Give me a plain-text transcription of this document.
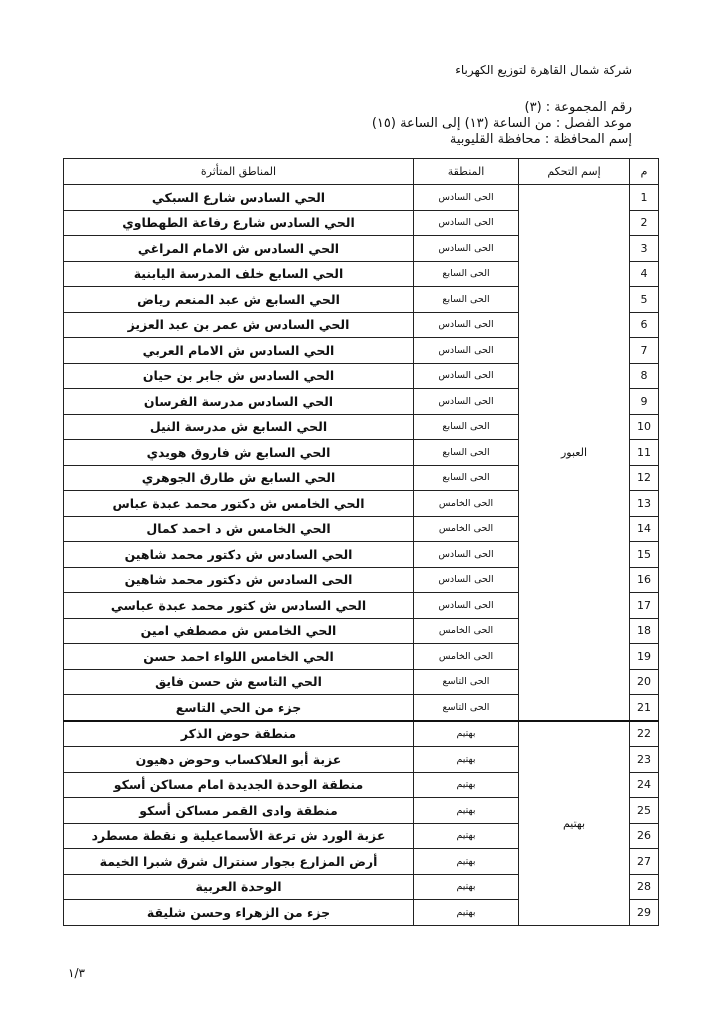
شركة شمال القاهرة لتوزيع الكهرباء
رقم المجموعة : (٣)
موعد الفصل : من الساعة (١٣) إلى الساعة (١٥)
إسم المحافظة : محافظة القليوبية
م	إسم التحكم	المنطقة	المناطق المتأثرة
1	العبور	الحى السادس	الحي السادس شارع السبكي
2		الحى السادس	الحي السادس شارع رفاعة الطهطاوي
3		الحى السادس	الحي السادس ش الامام المراغي
4		الحى السابع	الحي السابع خلف المدرسة اليابنية
5		الحى السابع	الحي السابع ش عبد المنعم رياض
6		الحى السادس	الحي السادس ش عمر بن عبد العزيز
7		الحى السادس	الحي السادس ش الامام العربي
8		الحى السادس	الحي السادس ش جابر بن حيان
9		الحى السادس	الحي السادس مدرسة الفرسان
10		الحى السابع	الحي السابع ش مدرسة النيل
11		الحى السابع	الحي السابع ش فاروق هويدي
12		الحى السابع	الحي السابع ش طارق الجوهري
13		الحى الخامس	الحي الخامس ش دكتور محمد عبدة عباس
14		الحى الخامس	الحي الخامس ش د احمد كمال
15		الحى السادس	الحي السادس ش دكتور محمد شاهين
16		الحى السادس	الحى السادس ش دكتور محمد شاهين
17		الحى السادس	الحي السادس ش كتور محمد عبدة عباسي
18		الحى الخامس	الحي الخامس ش مصطفي امين
19		الحى الخامس	الحي الخامس اللواء احمد حسن
20		الحى التاسع	الحي التاسع ش حسن فايق
21		الحى التاسع	جزء من الحي التاسع
22	بهتيم	بهتيم	منطقة حوض الذكر
23		بهتيم	عزبة أبو العلاكساب وحوض دهيون
24		بهتيم	منطقة الوحدة الجديدة امام مساكن أسكو
25		بهتيم	منطقة وادى القمر مساكن أسكو
26		بهتيم	عزبة الورد ش ترعة الأسماعيلية و نقطة مسطرد
27		بهتيم	أرض المزارع بجوار سنترال شرق شبرا الخيمة
28		بهتيم	الوحدة العربية
29		بهتيم	جزء من الزهراء وحسن شليقة
١/٣
